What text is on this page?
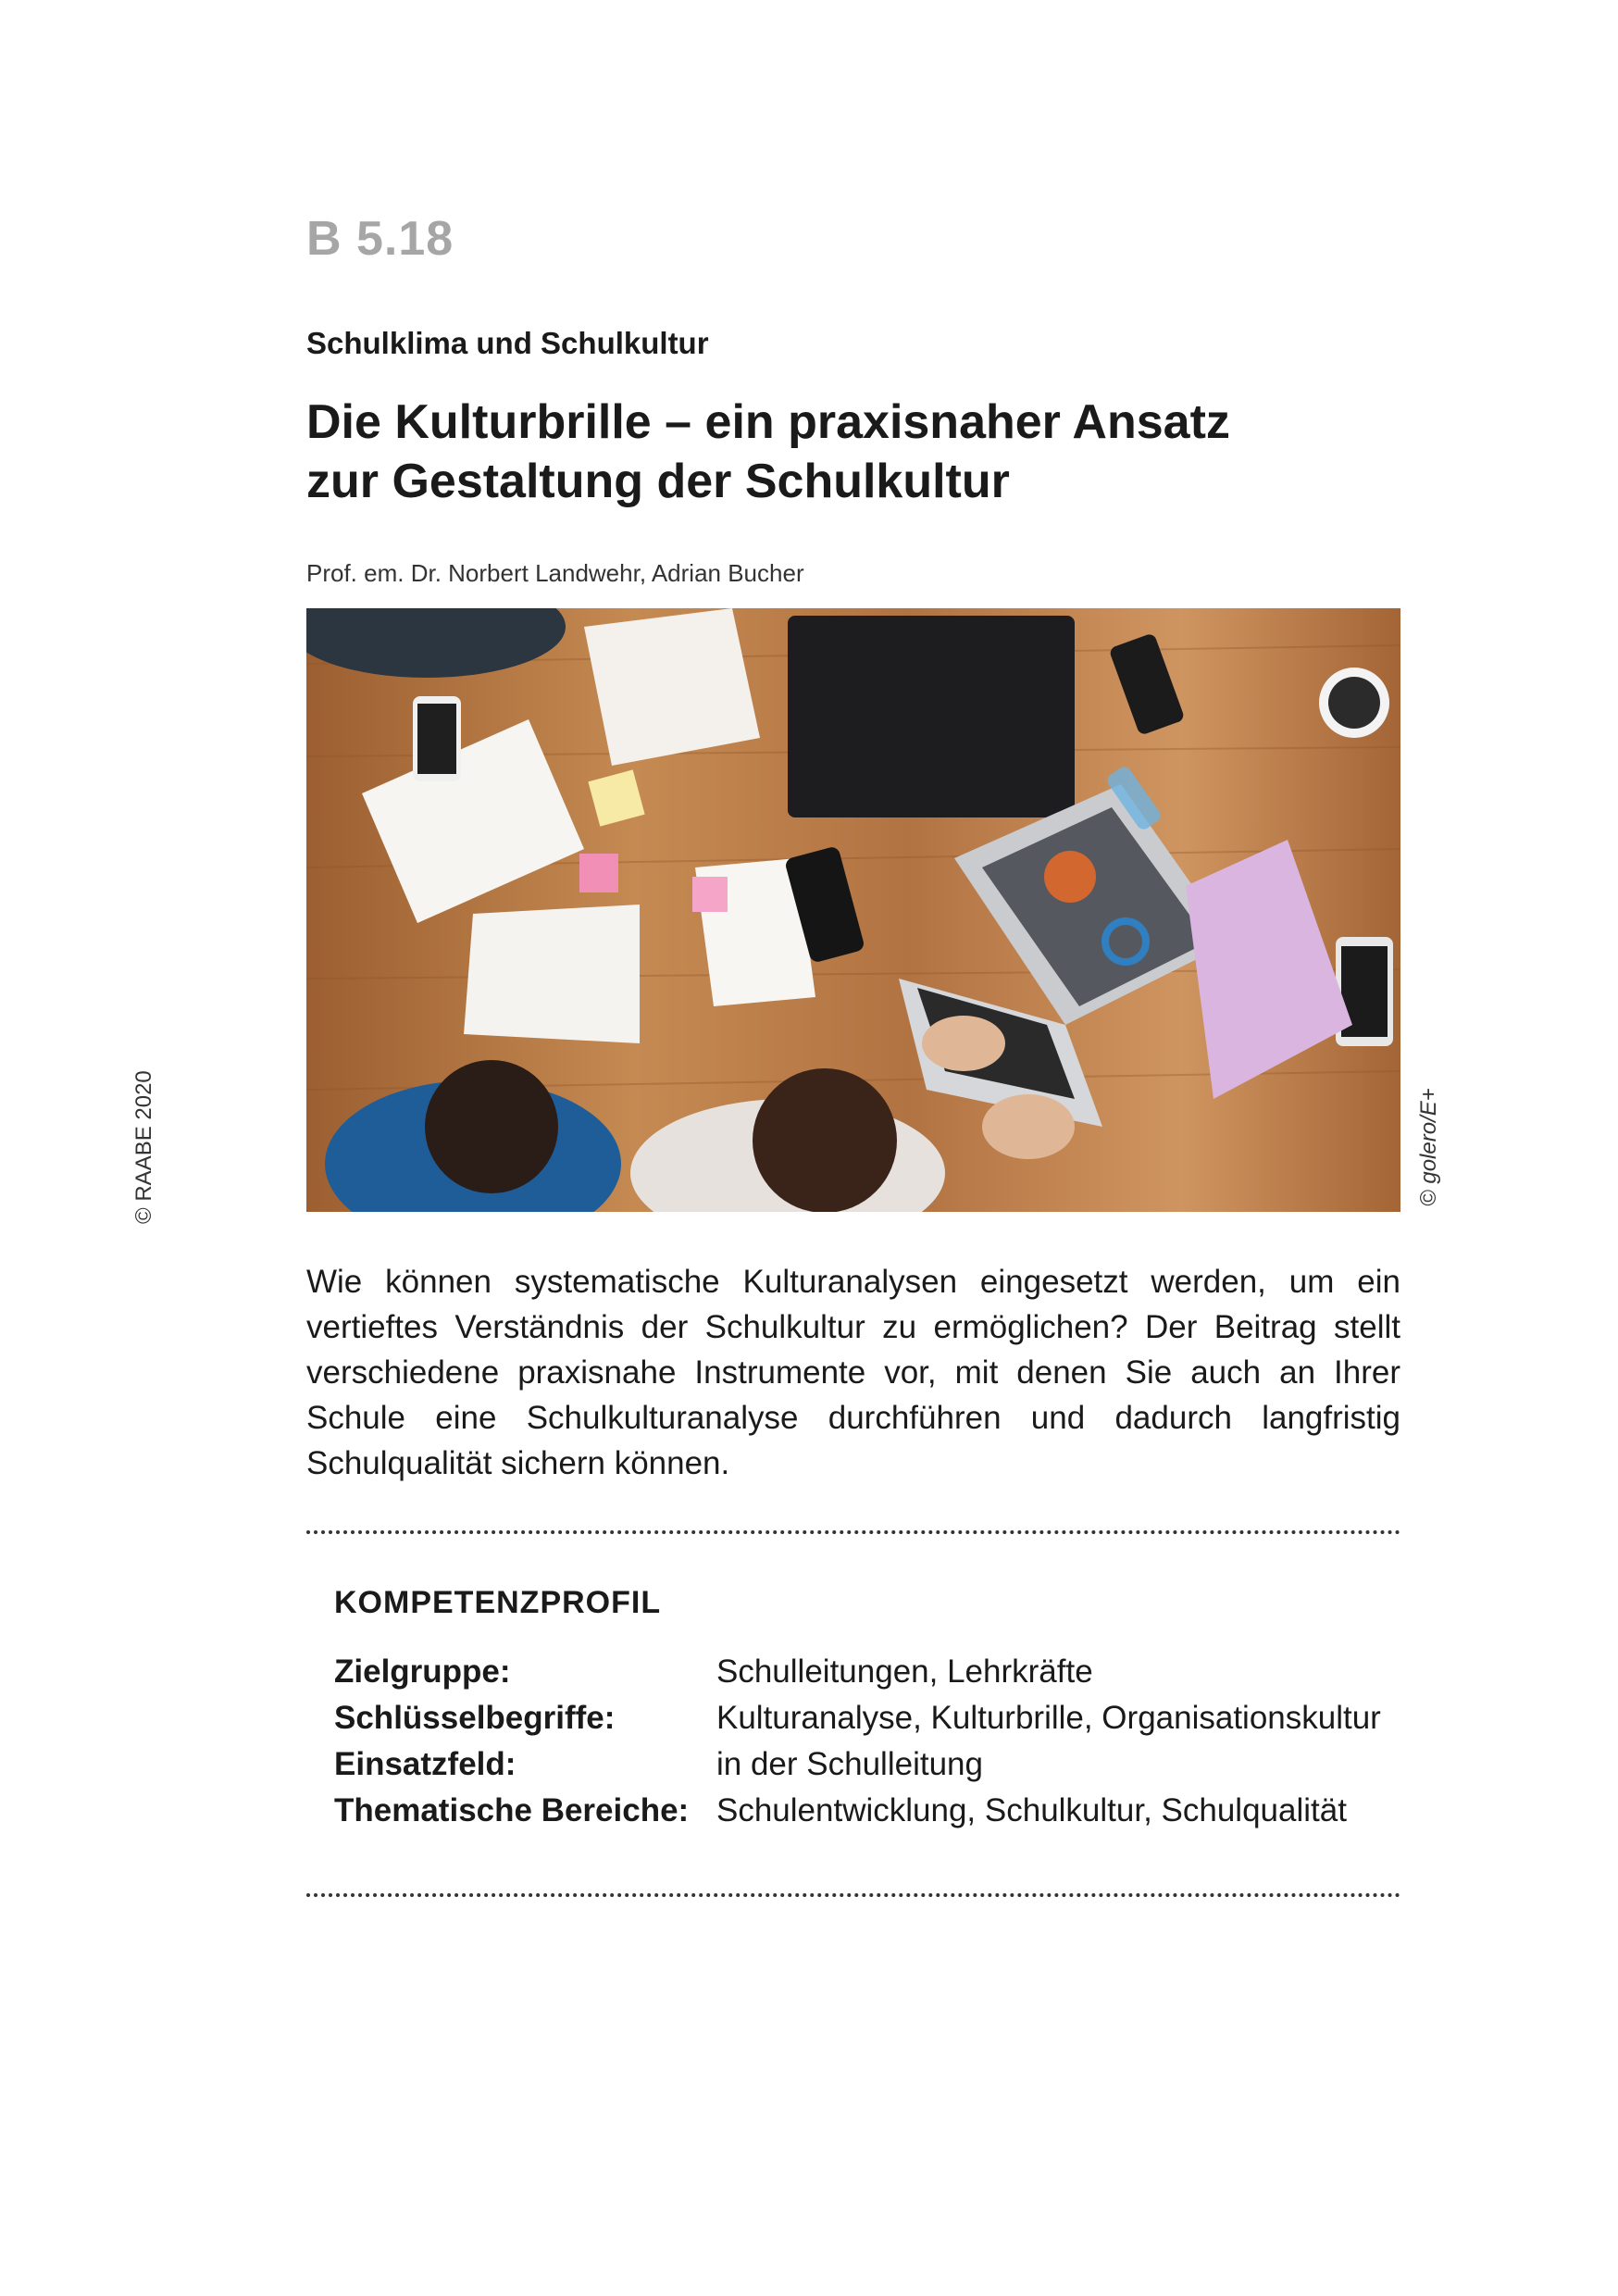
B 5.18
Schulklima und Schulkultur
Die Kulturbrille – ein praxisnaher Ansatz
zur Gestaltung der Schulkultur
Prof. em. Dr. Norbert Landwehr, Adrian Bucher
© RAABE 2020	© golero/E+
Wie können systematische Kulturanalysen eingesetzt werden, um ein vertieftes Verständnis der Schulkultur zu ermöglichen? Der Beitrag stellt verschiedene praxisnahe Instrumente vor, mit denen Sie auch an Ihrer Schule eine Schulkulturanalyse durchführen und dadurch langfristig Schulqualität sichern können.
KOMPETENZPROFIL
Zielgruppe:	Schulleitungen, Lehrkräfte
Schlüsselbegriffe:	Kulturanalyse, Kulturbrille, Organisationskultur
Einsatzfeld:	in der Schulleitung
Thematische Bereiche: Schulentwicklung, Schulkultur, Schulqualität
